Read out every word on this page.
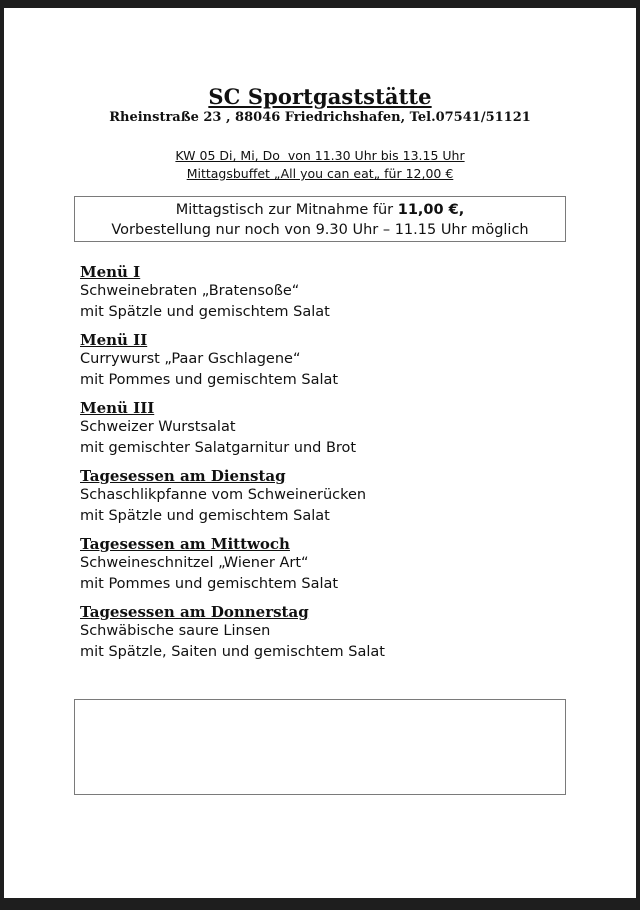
SC Sportgaststätte
Rheinstraße 23 , 88046 Friedrichshafen, Tel.07541/51121
KW 05 Di, Mi, Do  von 11.30 Uhr bis 13.15 Uhr
Mittagsbuffet „All you can eat„ für 12,00 €
Mittagstisch zur Mitnahme für 11,00 €,
Vorbestellung nur noch von 9.30 Uhr – 11.15 Uhr möglich
Menü I
Schweinebraten „Bratensoße“
mit Spätzle und gemischtem Salat
Menü II
Currywurst „Paar Gschlagene“
mit Pommes und gemischtem Salat
Menü III
Schweizer Wurstsalat
mit gemischter Salatgarnitur und Brot
Tagesessen am Dienstag
Schaschlikpfanne vom Schweinerücken
mit Spätzle und gemischtem Salat
Tagesessen am Mittwoch
Schweineschnitzel „Wiener Art“
mit Pommes und gemischtem Salat
Tagesessen am Donnerstag
Schwäbische saure Linsen
mit Spätzle, Saiten und gemischtem Salat
